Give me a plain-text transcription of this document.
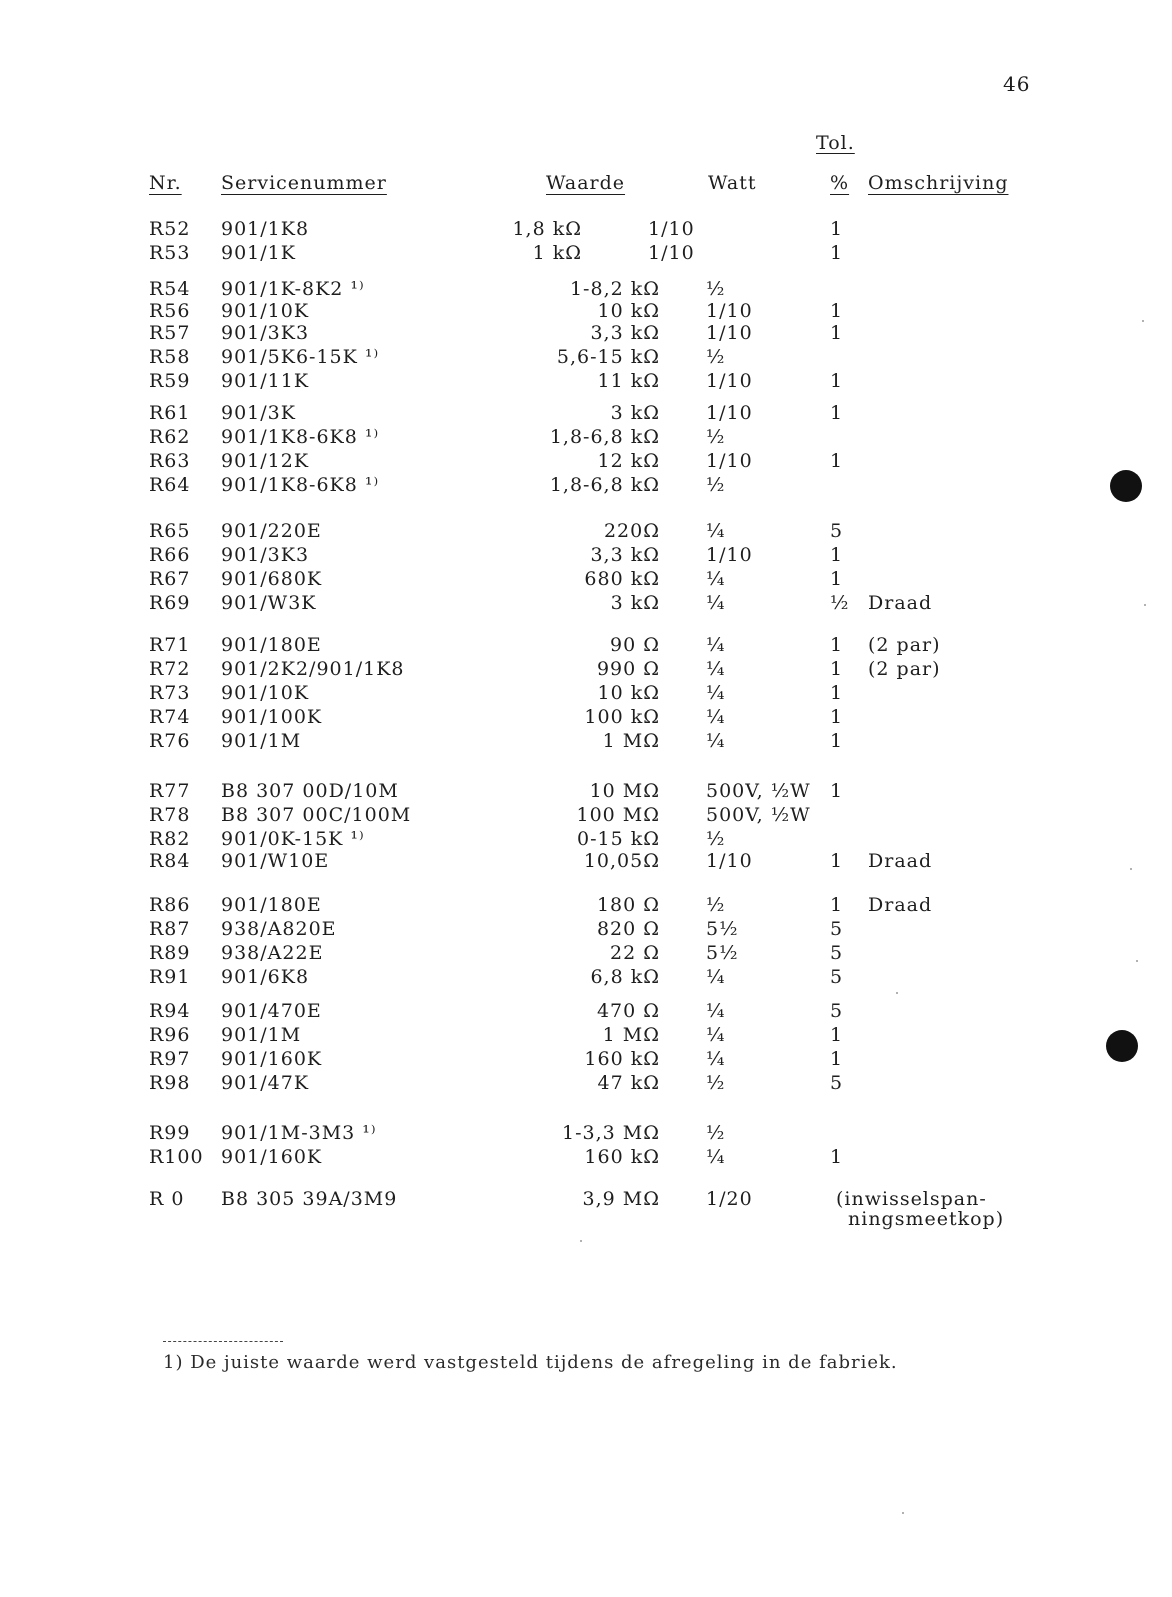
46
Tol.
Nr. Servicenummer	Waarde	Watt	% Omschrijving
R52 901/1K8	1,8 kΩ	1/10	1
R53 901/1K	1 kΩ	1/10	1
R54 901/1K-8K2 ¹⁾	1-8,2 kΩ ½
R56 901/10K	10 kΩ 1/10	1
R57 901/3K3	3,3 kΩ 1/10	1
R58 901/5K6-15K ¹⁾	5,6-15 kΩ ½
R59 901/11K	11 kΩ 1/10	1
R61 901/3K	3 kΩ 1/10	1
R62 901/1K8-6K8 ¹⁾	1,8-6,8 kΩ ½
R63 901/12K	12 kΩ 1/10	1
R64 901/1K8-6K8 ¹⁾	1,8-6,8 kΩ ½
R65 901/220E	220Ω ¼	5
R66 901/3K3	3,3 kΩ 1/10	1
R67 901/680K	680 kΩ ¼	1
R69 901/W3K	3 kΩ ¼	½ Draad
R71 901/180E	90 Ω ¼	1 (2 par)
R72 901/2K2/901/1K8	990 Ω ¼	1 (2 par)
R73 901/10K	10 kΩ ¼	1
R74 901/100K	100 kΩ ¼	1
R76 901/1M	1 MΩ ¼	1
R77 B8 307 00D/10M	10 MΩ 500V, ½W 1
R78 B8 307 00C/100M	100 MΩ 500V, ½W
R82 901/0K-15K ¹⁾	0-15 kΩ ½
R84 901/W10E	10,05Ω 1/10	1 Draad
R86 901/180E	180 Ω ½	1 Draad
R87 938/A820E	820 Ω 5½	5
R89 938/A22E	22 Ω 5½	5
R91 901/6K8	6,8 kΩ ¼	5
R94 901/470E	470 Ω ¼	5
R96 901/1M	1 MΩ ¼	1
R97 901/160K	160 kΩ ¼	1
R98 901/47K	47 kΩ ½	5
R99 901/1M-3M3 ¹⁾	1-3,3 MΩ ½
R100 901/160K	160 kΩ ¼	1
R 0 B8 305 39A/3M9	3,9 MΩ 1/20	(inwisselspan-
ningsmeetkop)
1) De juiste waarde werd vastgesteld tijdens de afregeling in de fabriek.
